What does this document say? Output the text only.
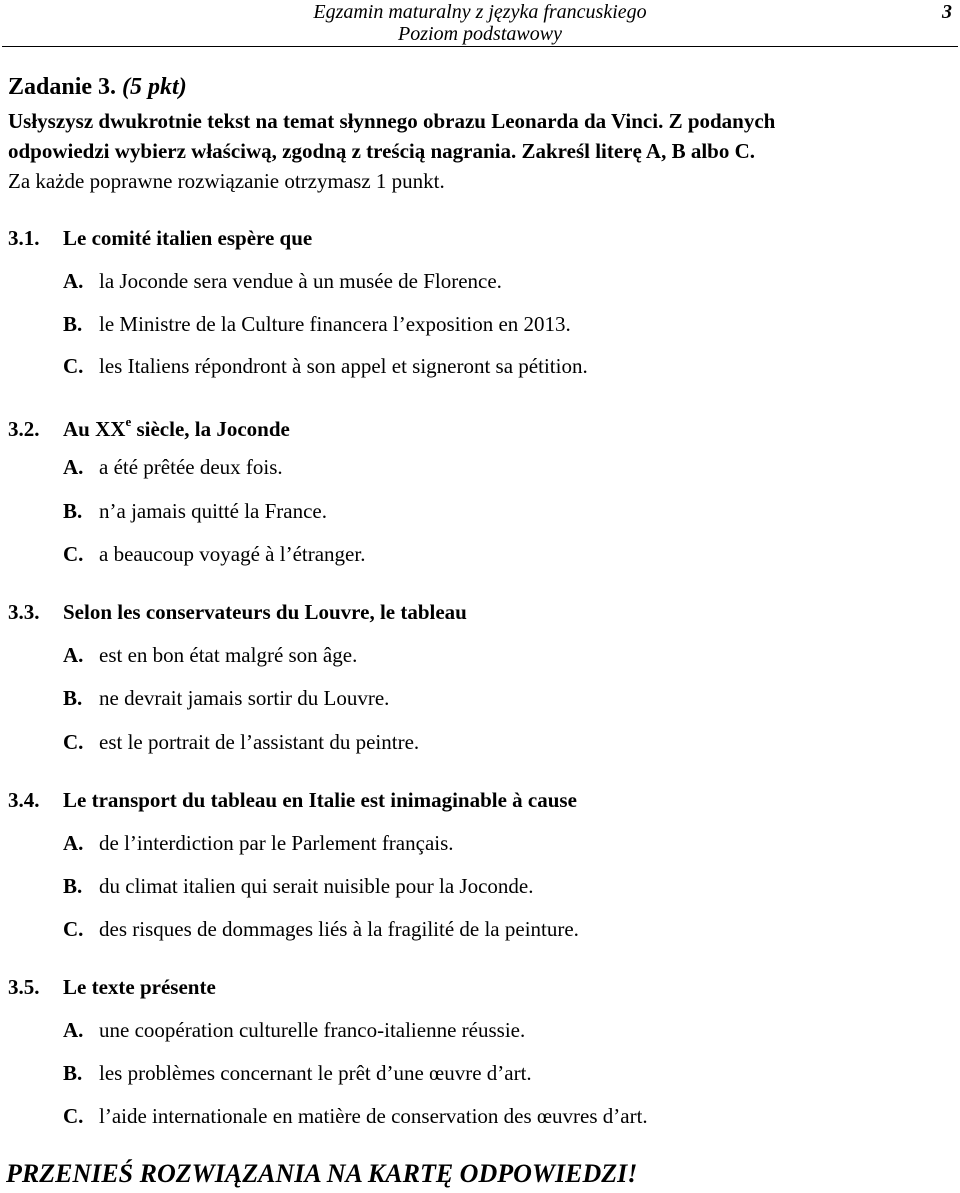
Egzamin maturalny z języka francuskiego
Poziom podstawowy
3
Zadanie 3. (5 pkt)
Usłyszysz dwukrotnie tekst na temat słynnego obrazu Leonarda da Vinci. Z podanych
odpowiedzi wybierz właściwą, zgodną z treścią nagrania. Zakreśl literę A, B albo C.
Za każde poprawne rozwiązanie otrzymasz 1 punkt.
3.1. Le comité italien espère que
A. la Joconde sera vendue à un musée de Florence.
B. le Ministre de la Culture financera l’exposition en 2013.
C. les Italiens répondront à son appel et signeront sa pétition.
3.2. Au XXe siècle, la Joconde
A. a été prêtée deux fois.
B. n’a jamais quitté la France.
C. a beaucoup voyagé à l’étranger.
3.3. Selon les conservateurs du Louvre, le tableau
A. est en bon état malgré son âge.
B. ne devrait jamais sortir du Louvre.
C. est le portrait de l’assistant du peintre.
3.4. Le transport du tableau en Italie est inimaginable à cause
A. de l’interdiction par le Parlement français.
B. du climat italien qui serait nuisible pour la Joconde.
C. des risques de dommages liés à la fragilité de la peinture.
3.5. Le texte présente
A. une coopération culturelle franco-italienne réussie.
B. les problèmes concernant le prêt d’une œuvre d’art.
C. l’aide internationale en matière de conservation des œuvres d’art.
PRZENIEŚ ROZWIĄZANIA NA KARTĘ ODPOWIEDZI!
